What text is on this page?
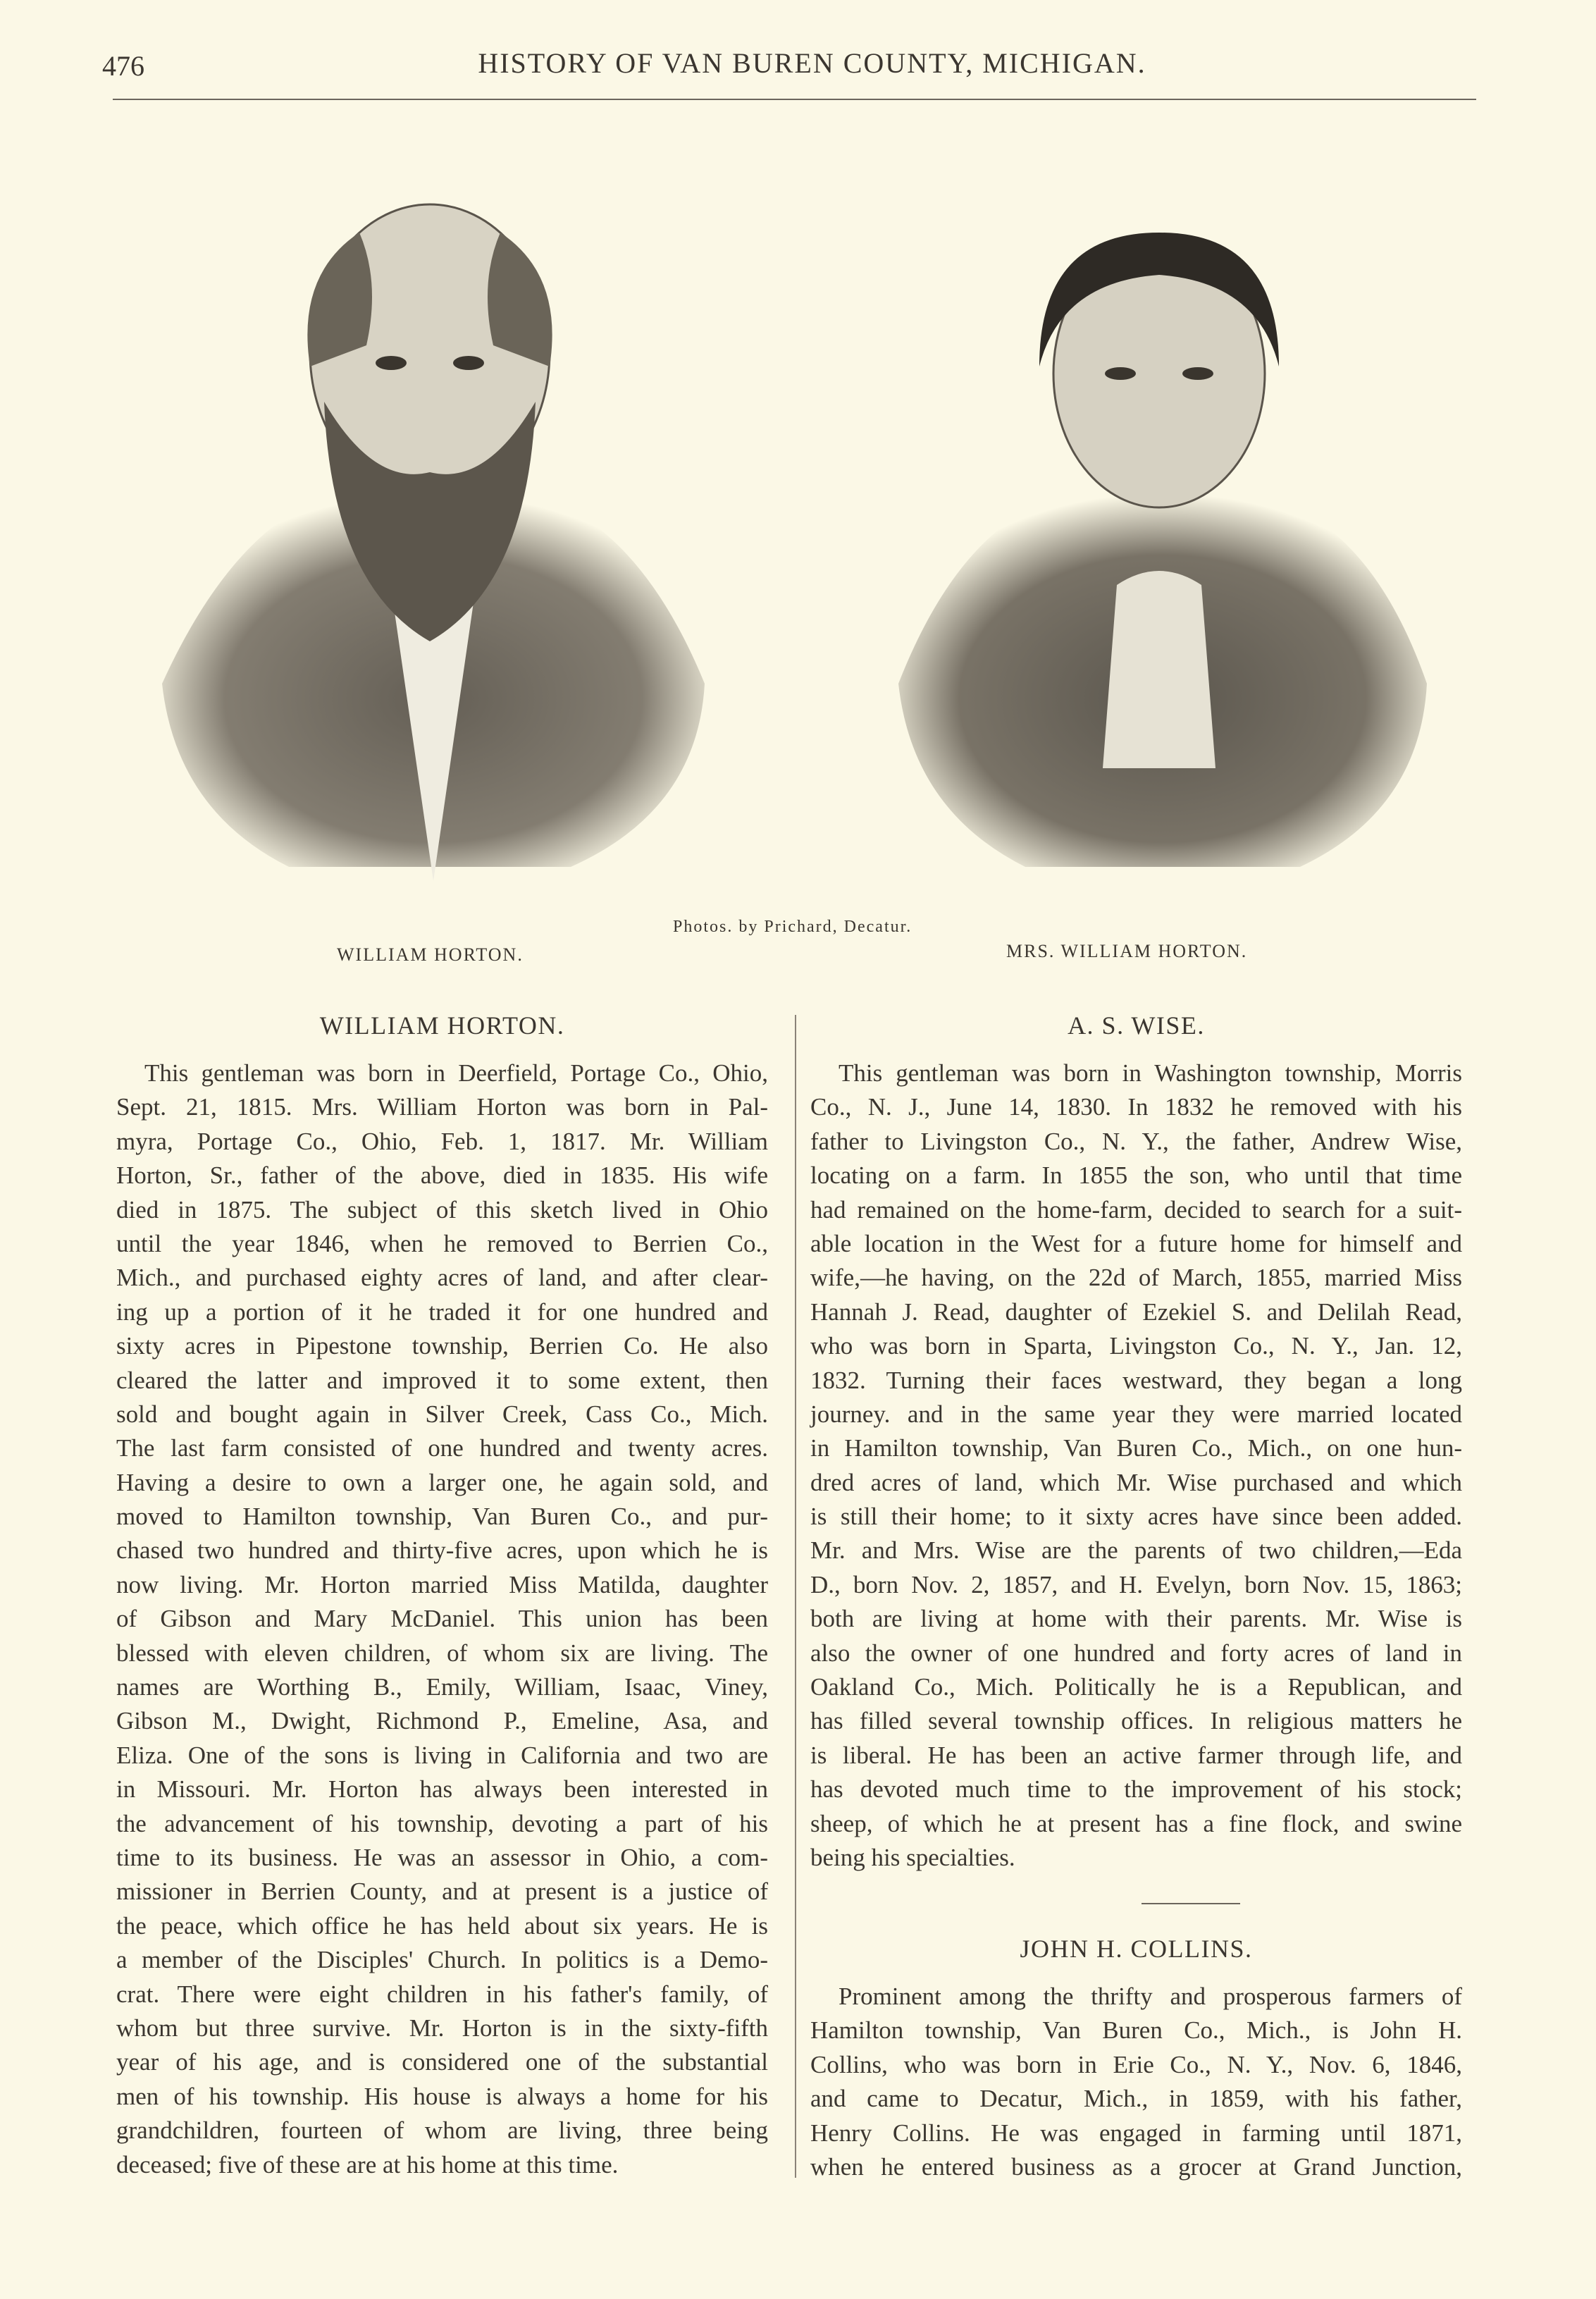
476	HISTORY OF VAN BUREN COUNTY, MICHIGAN.
Photos. by Prichard, Decatur.
WILLIAM HORTON.	MRS. WILLIAM HORTON.
WILLIAM HORTON.
This gentleman was born in Deerfield, Portage Co., Ohio,
Sept. 21, 1815. Mrs. William Horton was born in Pal-
myra, Portage Co., Ohio, Feb. 1, 1817. Mr. William
Horton, Sr., father of the above, died in 1835. His wife
died in 1875. The subject of this sketch lived in Ohio
until the year 1846, when he removed to Berrien Co.,
Mich., and purchased eighty acres of land, and after clear-
ing up a portion of it he traded it for one hundred and
sixty acres in Pipestone township, Berrien Co. He also
cleared the latter and improved it to some extent, then
sold and bought again in Silver Creek, Cass Co., Mich.
The last farm consisted of one hundred and twenty acres.
Having a desire to own a larger one, he again sold, and
moved to Hamilton township, Van Buren Co., and pur-
chased two hundred and thirty-five acres, upon which he is
now living. Mr. Horton married Miss Matilda, daughter
of Gibson and Mary McDaniel. This union has been
blessed with eleven children, of whom six are living. The
names are Worthing B., Emily, William, Isaac, Viney,
Gibson M., Dwight, Richmond P., Emeline, Asa, and
Eliza. One of the sons is living in California and two are
in Missouri. Mr. Horton has always been interested in
the advancement of his township, devoting a part of his
time to its business. He was an assessor in Ohio, a com-
missioner in Berrien County, and at present is a justice of
the peace, which office he has held about six years. He is
a member of the Disciples' Church. In politics is a Demo-
crat. There were eight children in his father's family, of
whom but three survive. Mr. Horton is in the sixty-fifth
year of his age, and is considered one of the substantial
men of his township. His house is always a home for his
grandchildren, fourteen of whom are living, three being
deceased; five of these are at his home at this time.
A. S. WISE.
This gentleman was born in Washington township, Morris
Co., N. J., June 14, 1830. In 1832 he removed with his
father to Livingston Co., N. Y., the father, Andrew Wise,
locating on a farm. In 1855 the son, who until that time
had remained on the home-farm, decided to search for a suit-
able location in the West for a future home for himself and
wife,—he having, on the 22d of March, 1855, married Miss
Hannah J. Read, daughter of Ezekiel S. and Delilah Read,
who was born in Sparta, Livingston Co., N. Y., Jan. 12,
1832. Turning their faces westward, they began a long
journey. and in the same year they were married located
in Hamilton township, Van Buren Co., Mich., on one hun-
dred acres of land, which Mr. Wise purchased and which
is still their home; to it sixty acres have since been added.
Mr. and Mrs. Wise are the parents of two children,—Eda
D., born Nov. 2, 1857, and H. Evelyn, born Nov. 15, 1863;
both are living at home with their parents. Mr. Wise is
also the owner of one hundred and forty acres of land in
Oakland Co., Mich. Politically he is a Republican, and
has filled several township offices. In religious matters he
is liberal. He has been an active farmer through life, and
has devoted much time to the improvement of his stock;
sheep, of which he at present has a fine flock, and swine
being his specialties.
JOHN H. COLLINS.
Prominent among the thrifty and prosperous farmers of
Hamilton township, Van Buren Co., Mich., is John H.
Collins, who was born in Erie Co., N. Y., Nov. 6, 1846,
and came to Decatur, Mich., in 1859, with his father,
Henry Collins. He was engaged in farming until 1871,
when he entered business as a grocer at Grand Junction,
